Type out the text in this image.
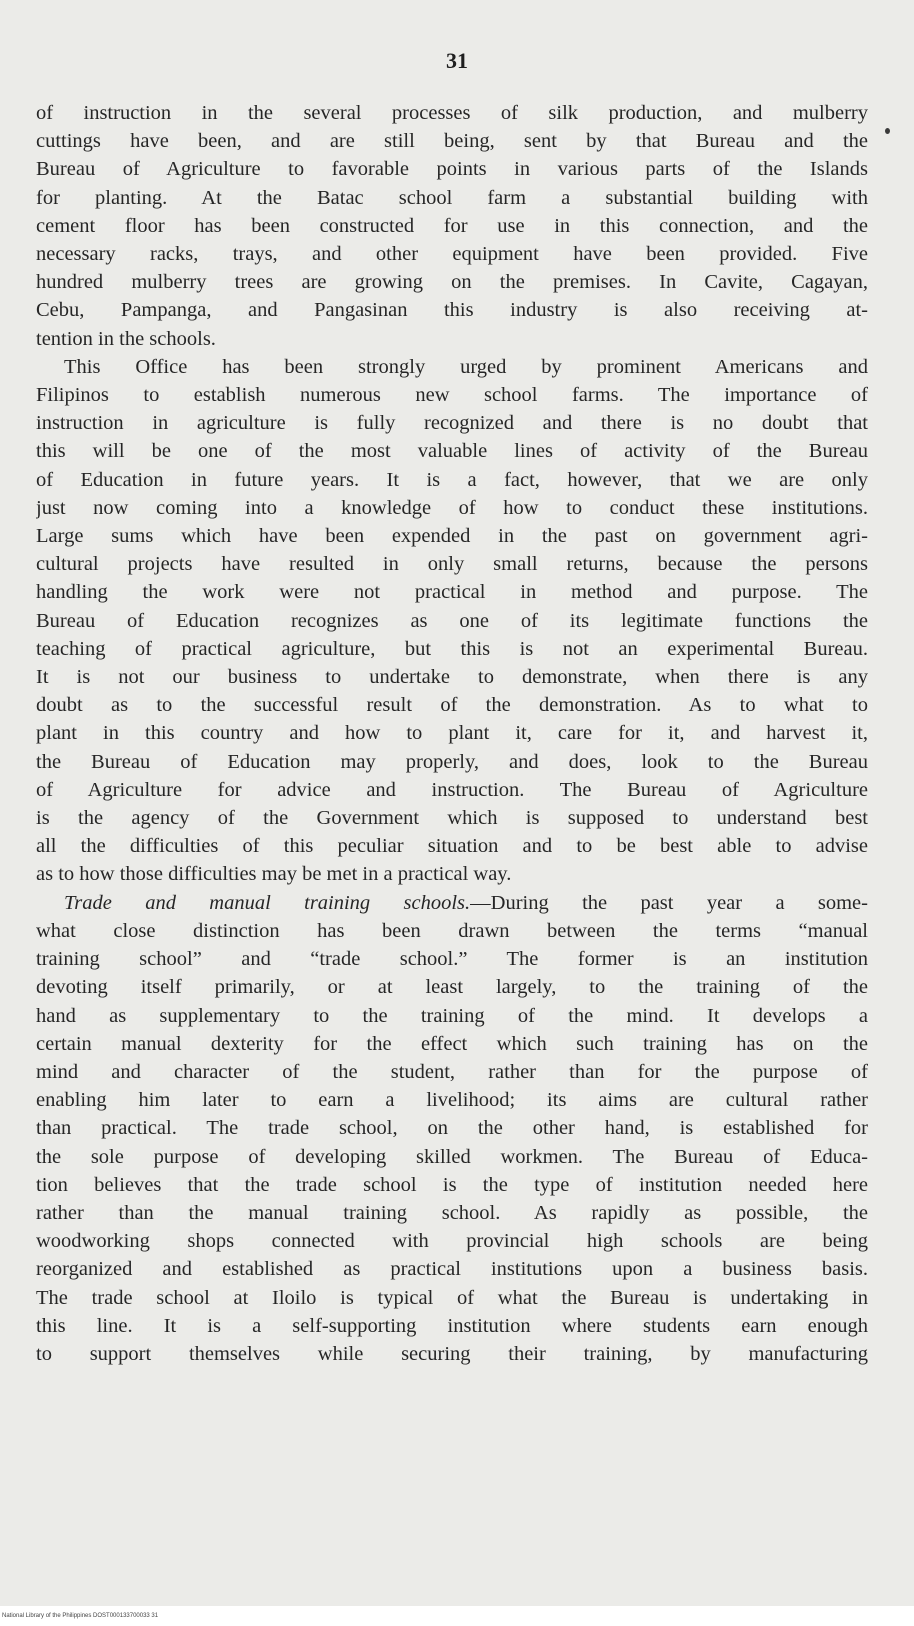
31
of instruction in the several processes of silk production, and mulberry
cuttings have been, and are still being, sent by that Bureau and the
Bureau of Agriculture to favorable points in various parts of the Islands
for planting. At the Batac school farm a substantial building with
cement floor has been constructed for use in this connection, and the
necessary racks, trays, and other equipment have been provided. Five
hundred mulberry trees are growing on the premises. In Cavite, Cagayan,
Cebu, Pampanga, and Pangasinan this industry is also receiving at-
tention in the schools.
This Office has been strongly urged by prominent Americans and
Filipinos to establish numerous new school farms. The importance of
instruction in agriculture is fully recognized and there is no doubt that
this will be one of the most valuable lines of activity of the Bureau
of Education in future years. It is a fact, however, that we are only
just now coming into a knowledge of how to conduct these institutions.
Large sums which have been expended in the past on government agri-
cultural projects have resulted in only small returns, because the persons
handling the work were not practical in method and purpose. The
Bureau of Education recognizes as one of its legitimate functions the
teaching of practical agriculture, but this is not an experimental Bureau.
It is not our business to undertake to demonstrate, when there is any
doubt as to the successful result of the demonstration. As to what to
plant in this country and how to plant it, care for it, and harvest it,
the Bureau of Education may properly, and does, look to the Bureau
of Agriculture for advice and instruction. The Bureau of Agriculture
is the agency of the Government which is supposed to understand best
all the difficulties of this peculiar situation and to be best able to advise
as to how those difficulties may be met in a practical way.
Trade and manual training schools.—During the past year a some-
what close distinction has been drawn between the terms “manual
training school” and “trade school.” The former is an institution
devoting itself primarily, or at least largely, to the training of the
hand as supplementary to the training of the mind. It develops a
certain manual dexterity for the effect which such training has on the
mind and character of the student, rather than for the purpose of
enabling him later to earn a livelihood; its aims are cultural rather
than practical. The trade school, on the other hand, is established for
the sole purpose of developing skilled workmen. The Bureau of Educa-
tion believes that the trade school is the type of institution needed here
rather than the manual training school. As rapidly as possible, the
woodworking shops connected with provincial high schools are being
reorganized and established as practical institutions upon a business basis.
The trade school at Iloilo is typical of what the Bureau is undertaking in
this line. It is a self-supporting institution where students earn enough
to support themselves while securing their training, by manufacturing
National Library of the Philippines DOST000133700033 31
